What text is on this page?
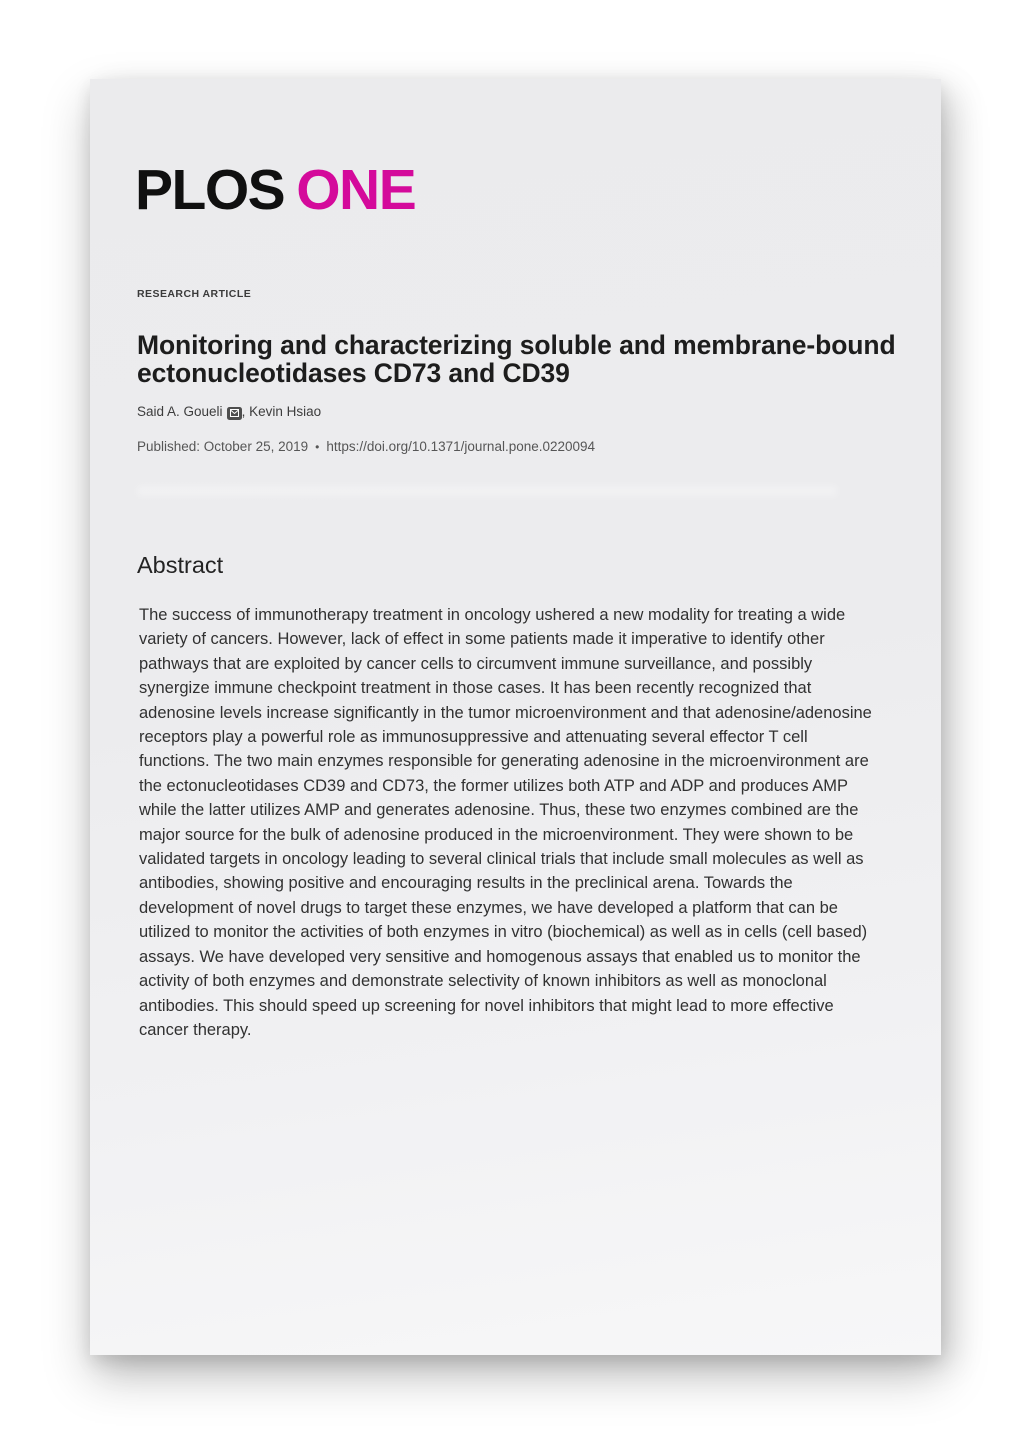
PLOS ONE
RESEARCH ARTICLE
Monitoring and characterizing soluble and membrane-bound ectonucleotidases CD73 and CD39
Said A. Goueli , Kevin Hsiao
Published: October 25, 2019 • https://doi.org/10.1371/journal.pone.0220094
Abstract

The success of immunotherapy treatment in oncology ushered a new modality for treating a wide variety of cancers. However, lack of effect in some patients made it imperative to identify other pathways that are exploited by cancer cells to circumvent immune surveillance, and possibly synergize immune checkpoint treatment in those cases. It has been recently recognized that adenosine levels increase significantly in the tumor microenvironment and that adenosine/adenosine receptors play a powerful role as immunosuppressive and attenuating several effector T cell functions. The two main enzymes responsible for generating adenosine in the microenvironment are the ectonucleotidases CD39 and CD73, the former utilizes both ATP and ADP and produces AMP while the latter utilizes AMP and generates adenosine. Thus, these two enzymes combined are the major source for the bulk of adenosine produced in the microenvironment. They were shown to be validated targets in oncology leading to several clinical trials that include small molecules as well as antibodies, showing positive and encouraging results in the preclinical arena. Towards the development of novel drugs to target these enzymes, we have developed a platform that can be utilized to monitor the activities of both enzymes in vitro (biochemical) as well as in cells (cell based) assays. We have developed very sensitive and homogenous assays that enabled us to monitor the activity of both enzymes and demonstrate selectivity of known inhibitors as well as monoclonal antibodies. This should speed up screening for novel inhibitors that might lead to more effective cancer therapy.
